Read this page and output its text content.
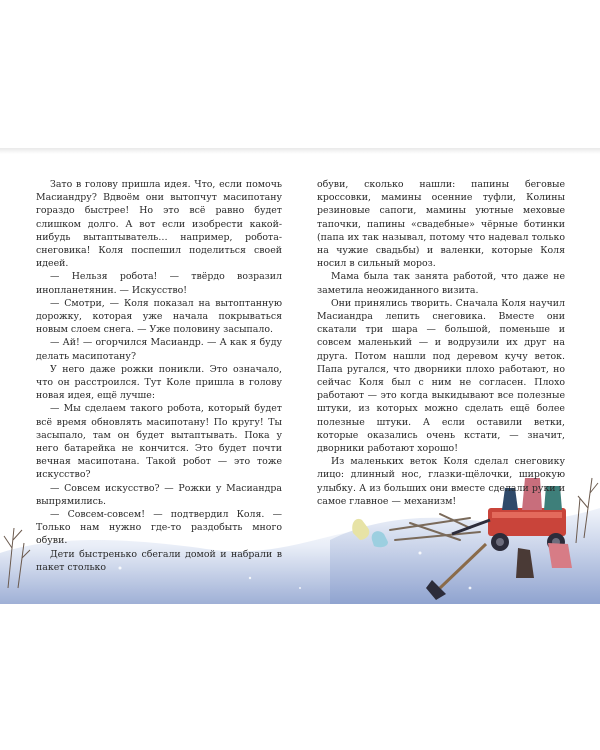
Зато в голову пришла идея. Что, если помочь Масиандру? Вдвоём они вытопчут масипотану гораздо быстрее! Но это всё равно будет слишком долго. А вот если изобрести какой-нибудь вытаптыватель… например, робота-снеговика! Коля поспешил поделиться своей идеей.

— Нельзя робота! — твёрдо возразил инопланетянин. — Искусство!

— Смотри, — Коля показал на вытоптанную дорожку, которая уже начала покрываться новым слоем снега. — Уже половину засыпало.

— Ай! — огорчился Масиандр. — А как я буду делать масипотану?

У него даже рожки поникли. Это означало, что он расстроился. Тут Коле пришла в голову новая идея, ещё лучше:

— Мы сделаем такого робота, который будет всё время обновлять масипотану! По кругу! Ты засыпало, там он будет вытаптывать. Пока у него батарейка не кончится. Это будет почти вечная масипотана. Такой робот — это тоже искусство?

— Совсем искусство? — Рожки у Масиандра выпрямились.

— Совсем-совсем! — подтвердил Коля. — Только нам нужно где-то раздобыть много обуви.

Дети быстренько сбегали домой и набрали в пакет столько

обуви, сколько нашли: папины беговые кроссовки, мамины осенние туфли, Колины резиновые сапоги, мамины уютные меховые тапочки, папины «свадебные» чёрные ботинки (папа их так называл, потому что надевал только на чужие свадьбы) и валенки, которые Коля носил в сильный мороз.

Мама была так занята работой, что даже не заметила неожиданного визита.

Они принялись творить. Сначала Коля научил Масиандра лепить снеговика. Вместе они скатали три шара — большой, поменьше и совсем маленький — и водрузили их друг на друга. Потом нашли под деревом кучу веток. Папа ругался, что дворники плохо работают, но сейчас Коля был с ним не согласен. Плохо работают — это когда выкидывают все полезные штуки, из которых можно сделать ещё более полезные штуки. А если оставили ветки, которые оказались очень кстати, — значит, дворники работают хорошо!

Из маленьких веток Коля сделал снеговику лицо: длинный нос, глазки-щёлочки, широкую улыбку. А из больших они вместе сделали руки и самое главное — механизм!
